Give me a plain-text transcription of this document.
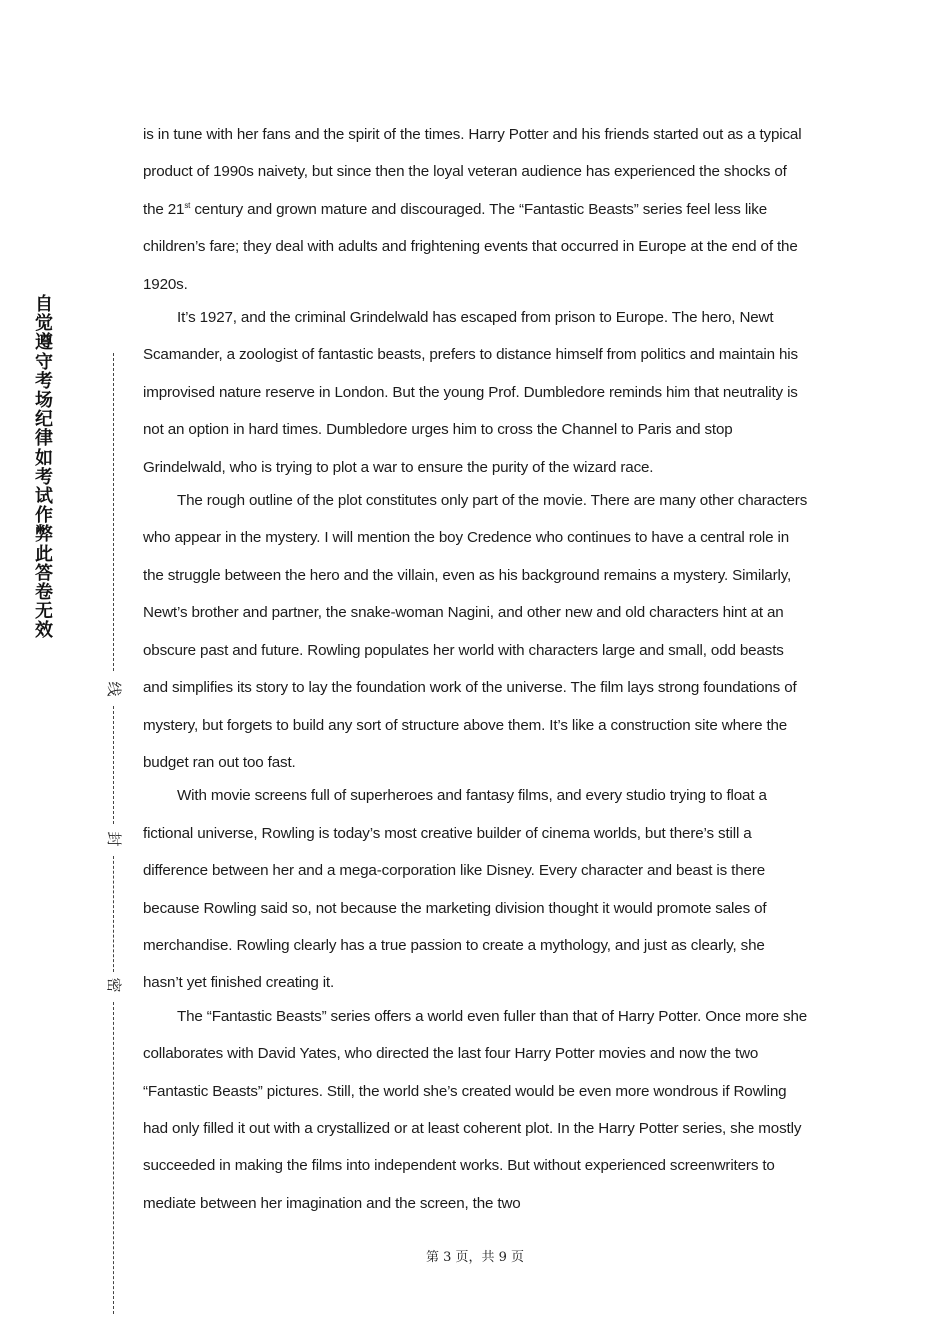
自觉遵守考场纪律如考试作弊此答卷无效
线
封
密

is in tune with her fans and the spirit of the times. Harry Potter and his friends started out as a typical product of 1990s naivety, but since then the loyal veteran audience has experienced the shocks of the 21st century and grown mature and discouraged. The “Fantastic Beasts” series feel less like children’s fare; they deal with adults and frightening events that occurred in Europe at the end of the 1920s.

It’s 1927, and the criminal Grindelwald has escaped from prison to Europe. The hero, Newt Scamander, a zoologist of fantastic beasts, prefers to distance himself from politics and maintain his improvised nature reserve in London. But the young Prof. Dumbledore reminds him that neutrality is not an option in hard times. Dumbledore urges him to cross the Channel to Paris and stop Grindelwald, who is trying to plot a war to ensure the purity of the wizard race.

The rough outline of the plot constitutes only part of the movie. There are many other characters who appear in the mystery. I will mention the boy Credence who continues to have a central role in the struggle between the hero and the villain, even as his background remains a mystery. Similarly, Newt’s brother and partner, the snake-woman Nagini, and other new and old characters hint at an obscure past and future. Rowling populates her world with characters large and small, odd beasts and simplifies its story to lay the foundation work of the universe. The film lays strong foundations of mystery, but forgets to build any sort of structure above them. It’s like a construction site where the budget ran out too fast.

With movie screens full of superheroes and fantasy films, and every studio trying to float a fictional universe, Rowling is today’s most creative builder of cinema worlds, but there’s still a difference between her and a mega-corporation like Disney. Every character and beast is there because Rowling said so, not because the marketing division thought it would promote sales of merchandise. Rowling clearly has a true passion to create a mythology, and just as clearly, she hasn’t yet finished creating it.

The “Fantastic Beasts” series offers a world even fuller than that of Harry Potter. Once more she collaborates with David Yates, who directed the last four Harry Potter movies and now the two “Fantastic Beasts” pictures. Still, the world she’s created would be even more wondrous if Rowling had only filled it out with a crystallized or at least coherent plot. In the Harry Potter series, she mostly succeeded in making the films into independent works. But without experienced screenwriters to mediate between her imagination and the screen, the two

第 3 页，共 9 页
